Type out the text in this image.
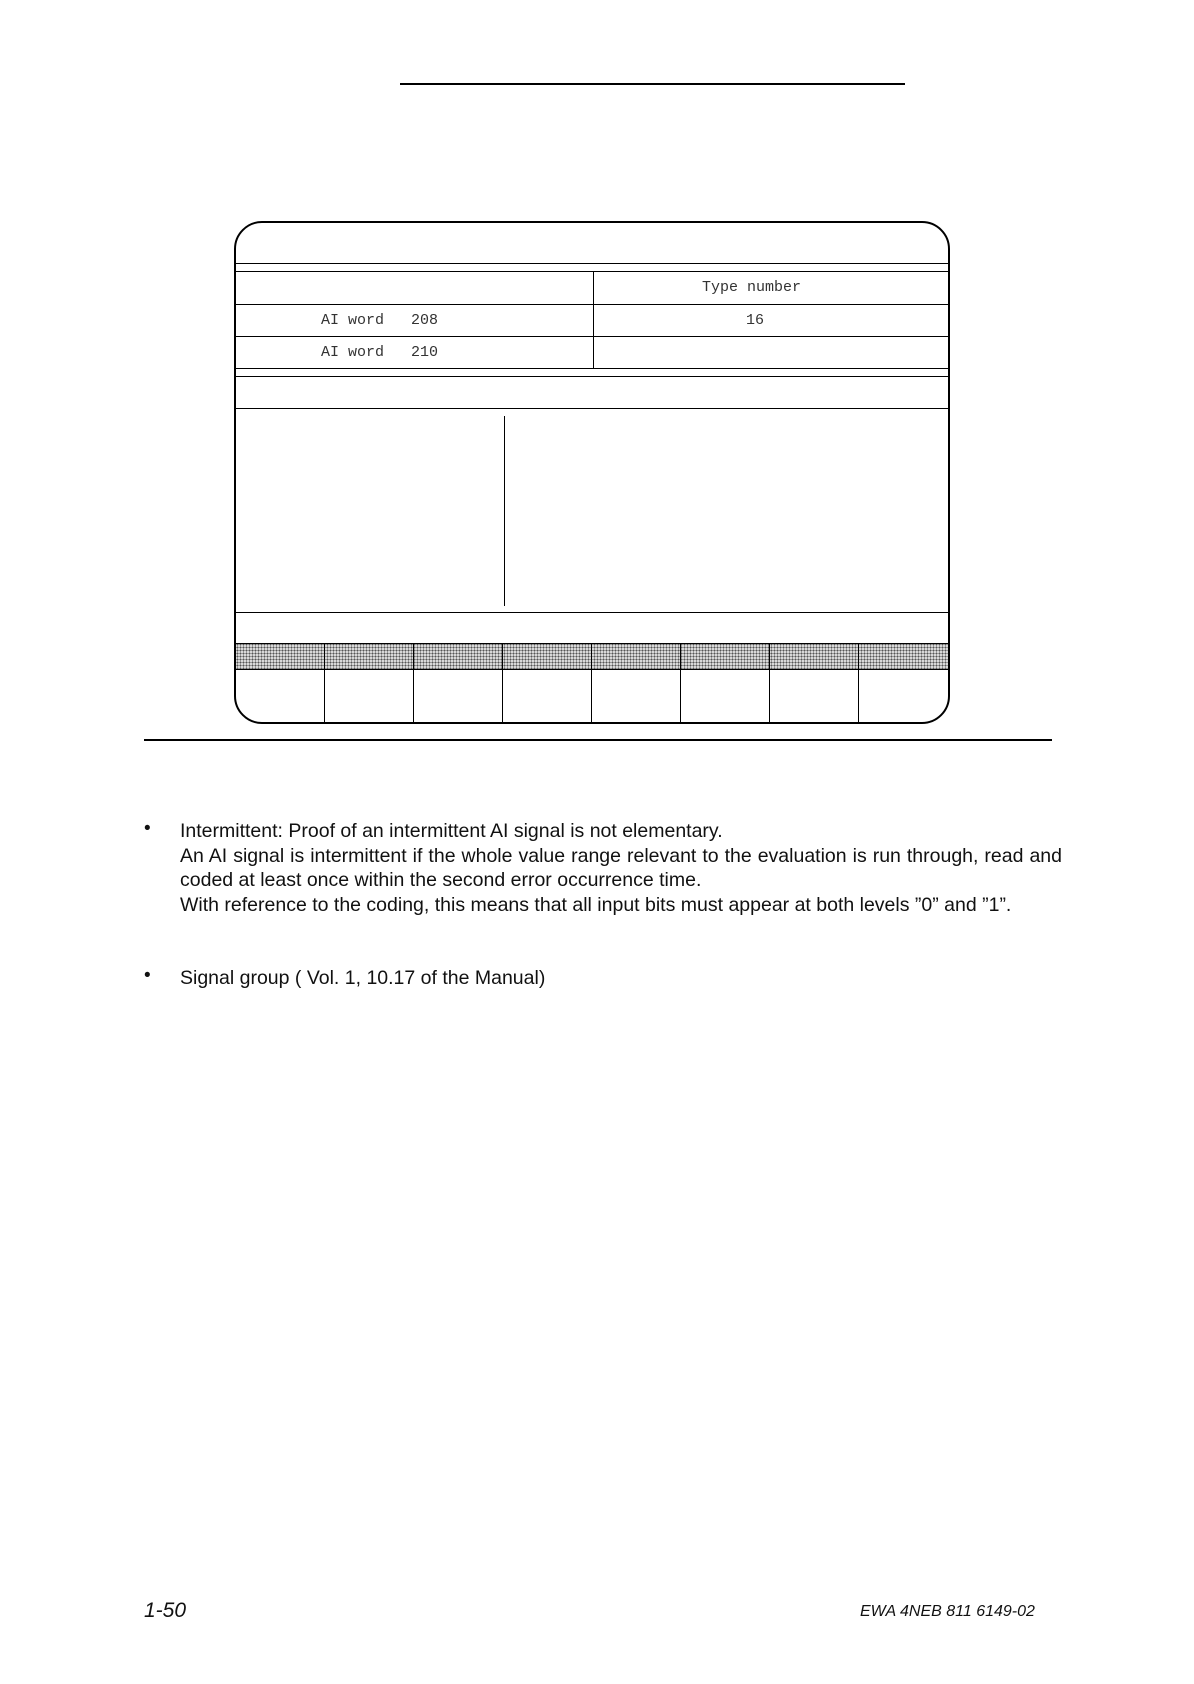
Type number
AI word   208	16
AI word   210
• Intermittent: Proof of an intermittent AI signal is not elementary.

An AI signal is intermittent if the whole value range relevant to the evaluation is run through, read and coded at least once within the second error occurrence time.

With reference to the coding, this means that all input bits must appear at both levels ”0” and ”1”.

• Signal group ( Vol. 1, 10.17 of the Manual)

1-50	EWA 4NEB 811 6149-02
